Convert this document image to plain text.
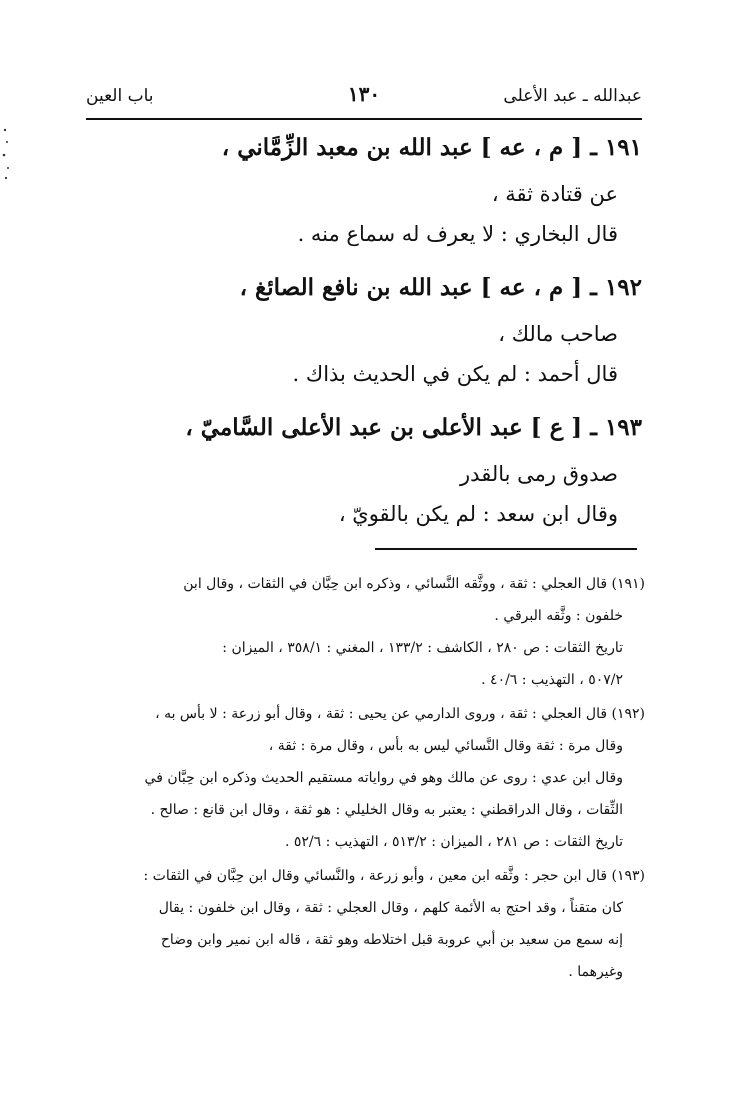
عبدالله ـ عبد الأعلى
١٣٠
باب العين
١٩١ ـ [ م ، عه ] عبد الله بن معبد الزِّمَّاني ،
عن قتادة ثقة ،
قال البخاري : لا يعرف له سماع منه .
١٩٢ ـ [ م ، عه ] عبد الله بن نافع الصائغ ،
صاحب مالك ،
قال أحمد : لم يكن في الحديث بذاك .
١٩٣ ـ [ ع ] عبد الأعلى بن عبد الأعلى السَّاميّ ،
صدوق رمى بالقدر
وقال ابن سعد : لم يكن بالقويّ ،
(١٩١) قال العجلي : ثقة ، ووثَّقه النَّسائي ، وذكره ابن حِبَّان في الثقات ، وقال ابن
خلفون : وثَّقه البرقي .
تاريخ الثقات : ص ٢٨٠ ، الكاشف : ١٣٣/٢ ، المغني : ٣٥٨/١ ، الميزان :
٥٠٧/٢ ، التهذيب : ٤٠/٦ .
(١٩٢) قال العجلي : ثقة ، وروى الدارمي عن يحيى : ثقة ، وقال أبو زرعة : لا بأس به ،
وقال مرة : ثقة وقال النَّسائي ليس به بأس ، وقال مرة : ثقة ،
وقال ابن عدي : روى عن مالك وهو في رواياته مستقيم الحديث وذكره ابن حِبَّان في
الثِّقات ، وقال الدراقطني : يعتبر به وقال الخليلي : هو ثقة ، وقال ابن قانع : صالح .
تاريخ الثقات : ص ٢٨١ ، الميزان : ٥١٣/٢ ، التهذيب : ٥٢/٦ .
(١٩٣) قال ابن حجر : وثَّقه ابن معين ، وأبو زرعة ، والنَّسائي وقال ابن حِبَّان في الثقات :
كان متقناً ، وقد احتج به الأئمة كلهم ، وقال العجلي : ثقة ، وقال ابن خلفون : يقال
إنه سمع من سعيد بن أبي عروبة قبل اختلاطه وهو ثقة ، قاله ابن نمير وابن وضاح
وغيرهما .
